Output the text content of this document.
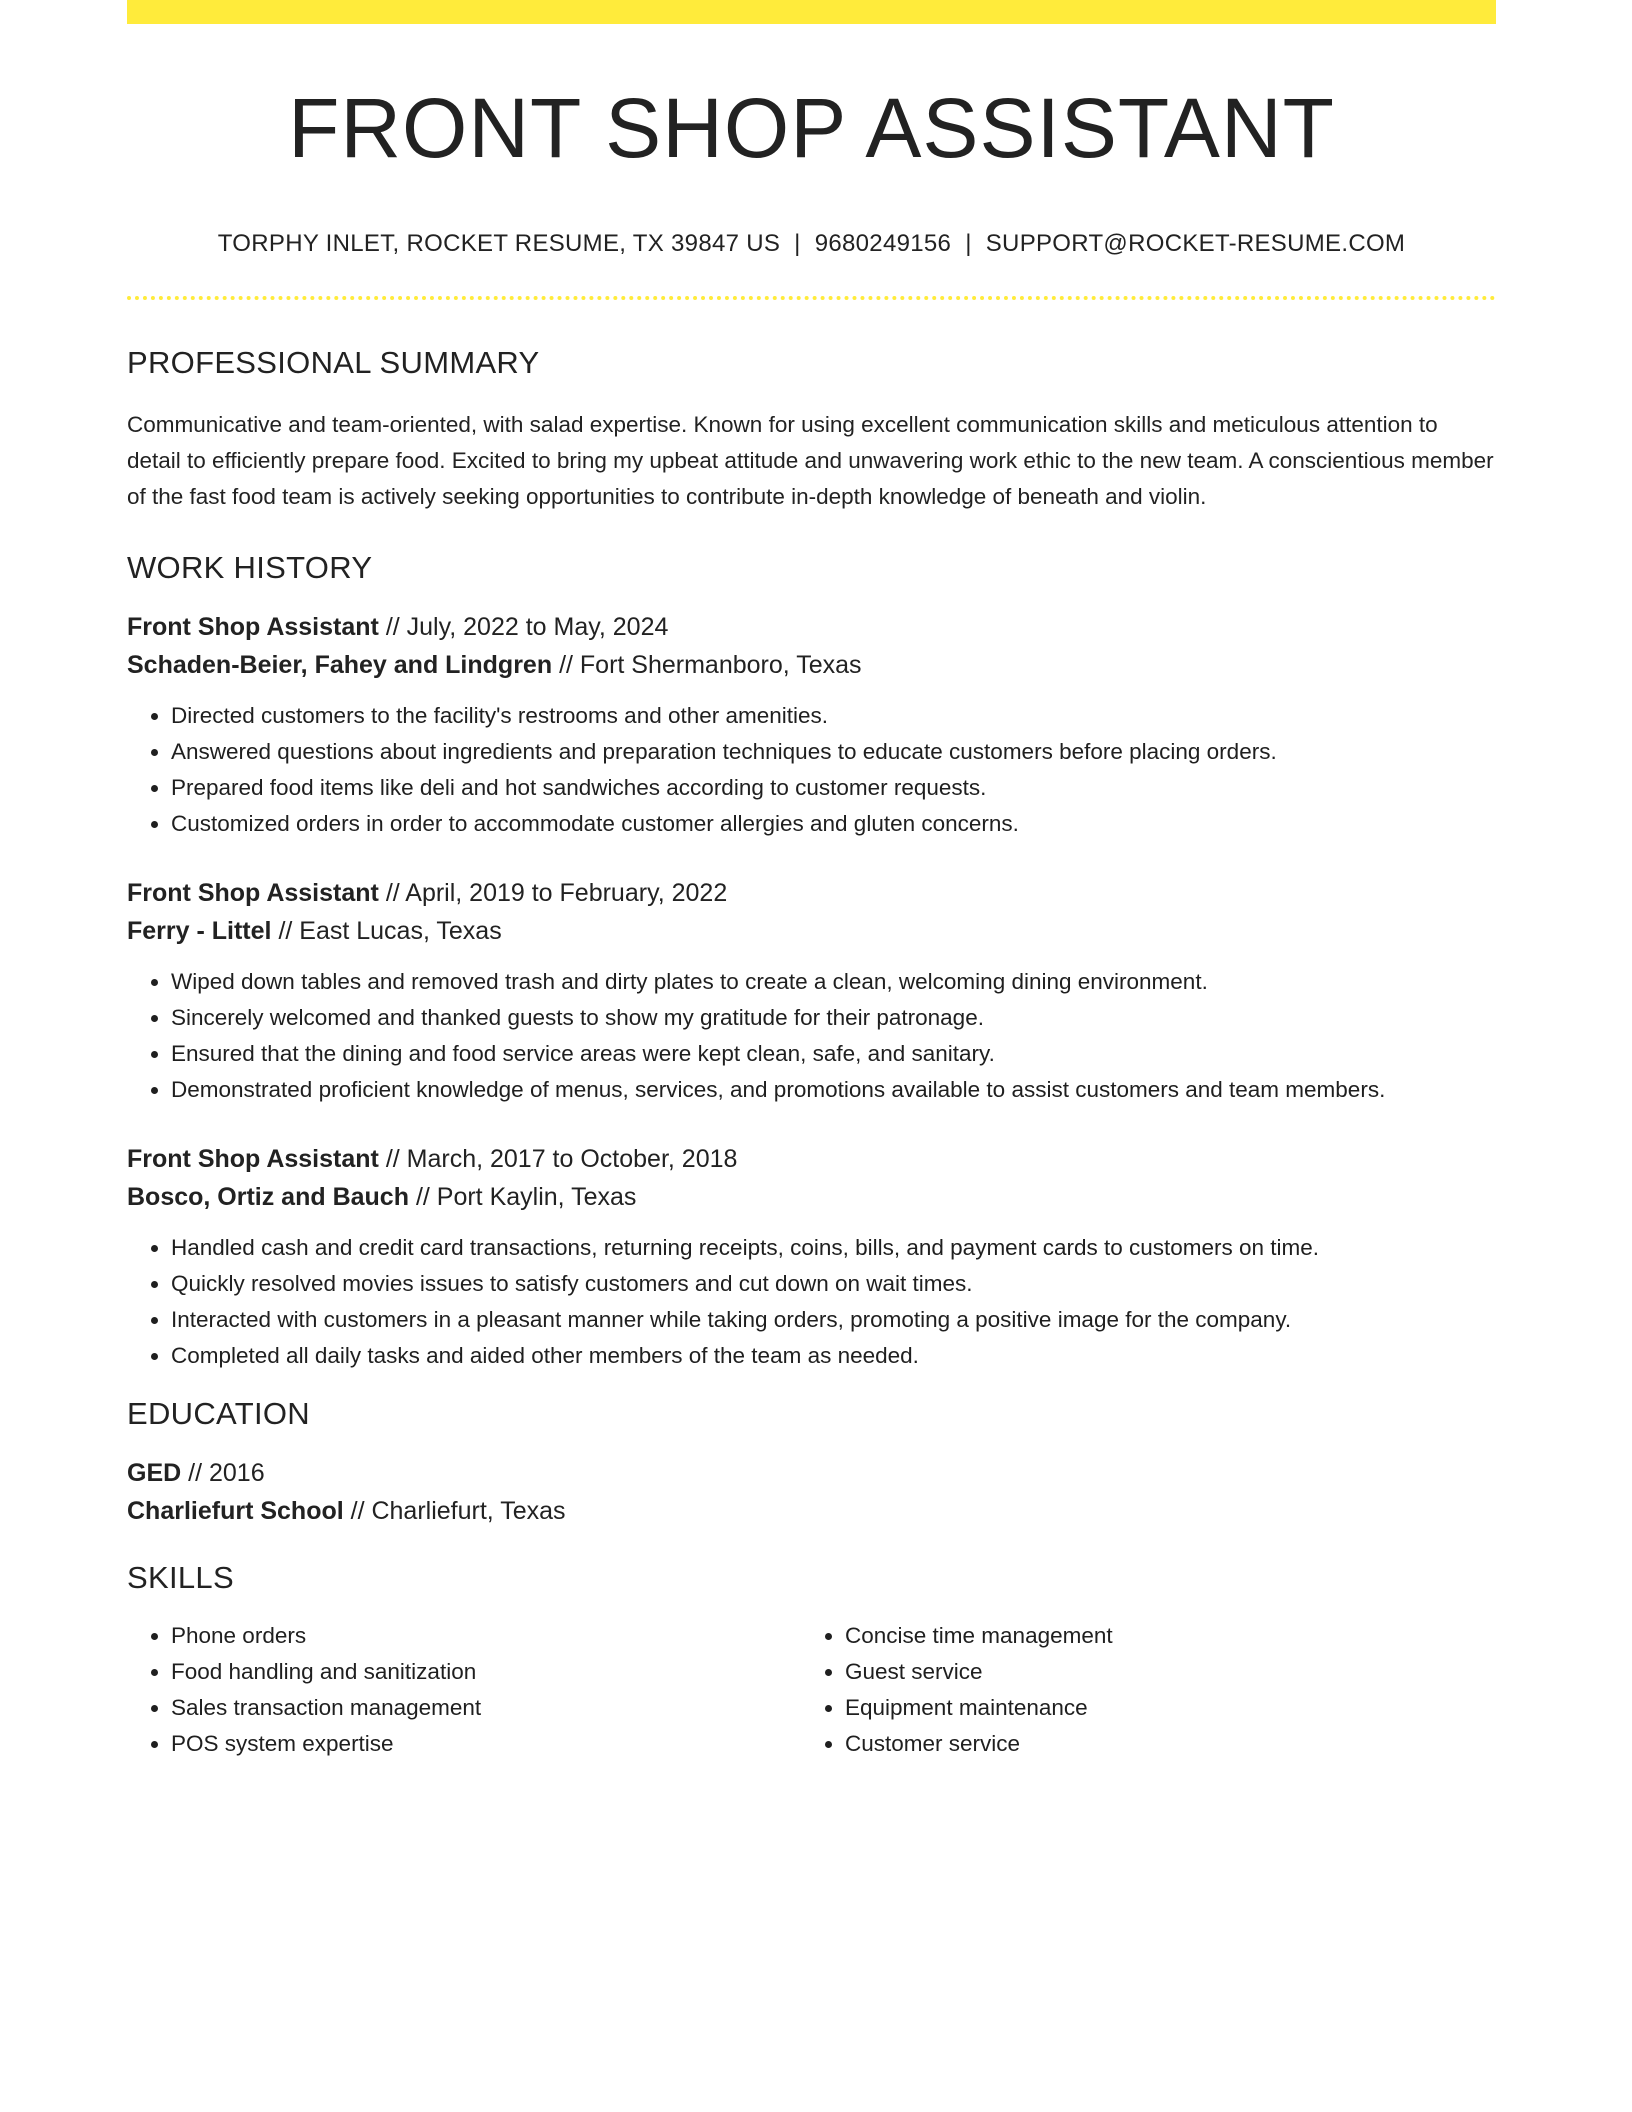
FRONT SHOP ASSISTANT
TORPHY INLET, ROCKET RESUME, TX 39847 US | 9680249156 | SUPPORT@ROCKET-RESUME.COM
PROFESSIONAL SUMMARY

Communicative and team-oriented, with salad expertise. Known for using excellent communication skills and meticulous attention to detail to efficiently prepare food. Excited to bring my upbeat attitude and unwavering work ethic to the new team. A conscientious member of the fast food team is actively seeking opportunities to contribute in-depth knowledge of beneath and violin.

WORK HISTORY
Front Shop Assistant // July, 2022 to May, 2024
Schaden-Beier, Fahey and Lindgren // Fort Shermanboro, Texas
• Directed customers to the facility's restrooms and other amenities.
• Answered questions about ingredients and preparation techniques to educate customers before placing orders.
• Prepared food items like deli and hot sandwiches according to customer requests.
• Customized orders in order to accommodate customer allergies and gluten concerns.
Front Shop Assistant // April, 2019 to February, 2022
Ferry - Littel // East Lucas, Texas
• Wiped down tables and removed trash and dirty plates to create a clean, welcoming dining environment.
• Sincerely welcomed and thanked guests to show my gratitude for their patronage.
• Ensured that the dining and food service areas were kept clean, safe, and sanitary.
• Demonstrated proficient knowledge of menus, services, and promotions available to assist customers and team members.
Front Shop Assistant // March, 2017 to October, 2018
Bosco, Ortiz and Bauch // Port Kaylin, Texas
• Handled cash and credit card transactions, returning receipts, coins, bills, and payment cards to customers on time.
• Quickly resolved movies issues to satisfy customers and cut down on wait times.
• Interacted with customers in a pleasant manner while taking orders, promoting a positive image for the company.
• Completed all daily tasks and aided other members of the team as needed.
EDUCATION
GED // 2016
Charliefurt School // Charliefurt, Texas
SKILLS
• Phone orders
• Food handling and sanitization
• Sales transaction management
• POS system expertise
• Concise time management
• Guest service
• Equipment maintenance
• Customer service
